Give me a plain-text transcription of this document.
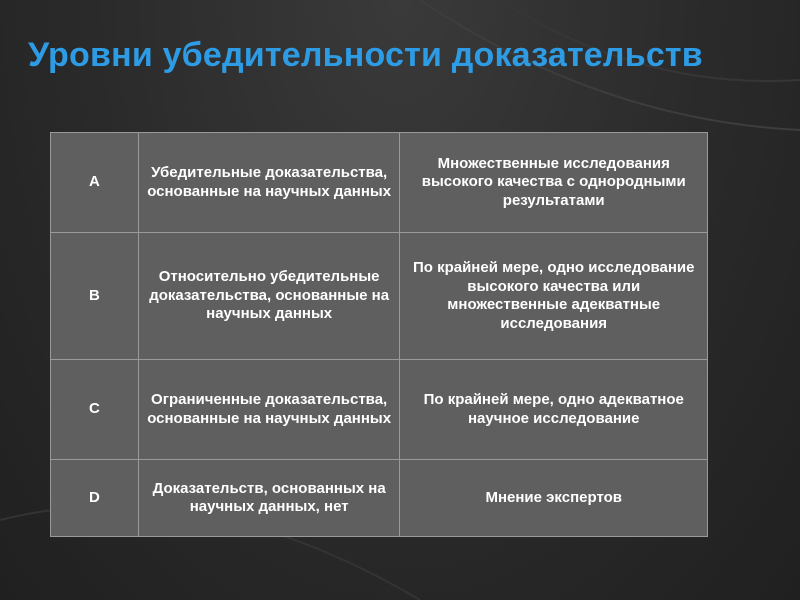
Уровни убедительности доказательств
A	Убедительные доказательства, основанные на научных данных	Множественные исследования высокого качества с однородными результатами
B	Относительно убедительные доказательства, основанные на научных данных	По крайней мере, одно исследование высокого качества или множественные адекватные исследования
C	Ограниченные доказательства, основанные на научных данных	По крайней мере, одно адекватное научное исследование
D	Доказательств, основанных на научных данных, нет	Мнение экспертов
